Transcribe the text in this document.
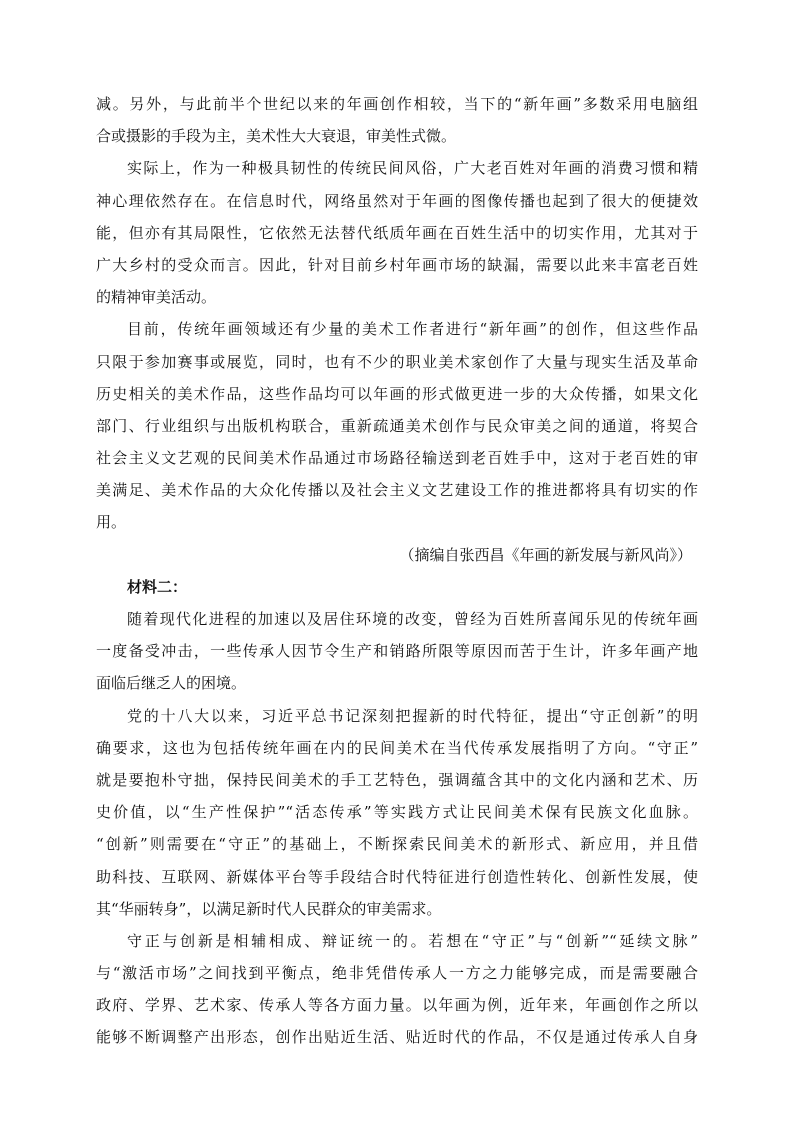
减。另外，与此前半个世纪以来的年画创作相较，当下的“新年画”多数采用电脑组
合或摄影的手段为主，美术性大大衰退，审美性式微。
实际上，作为一种极具韧性的传统民间风俗，广大老百姓对年画的消费习惯和精
神心理依然存在。在信息时代，网络虽然对于年画的图像传播也起到了很大的便捷效
能，但亦有其局限性，它依然无法替代纸质年画在百姓生活中的切实作用，尤其对于
广大乡村的受众而言。因此，针对目前乡村年画市场的缺漏，需要以此来丰富老百姓
的精神审美活动。
目前，传统年画领域还有少量的美术工作者进行“新年画”的创作，但这些作品
只限于参加赛事或展览，同时，也有不少的职业美术家创作了大量与现实生活及革命
历史相关的美术作品，这些作品均可以年画的形式做更进一步的大众传播，如果文化
部门、行业组织与出版机构联合，重新疏通美术创作与民众审美之间的通道，将契合
社会主义文艺观的民间美术作品通过市场路径输送到老百姓手中，这对于老百姓的审
美满足、美术作品的大众化传播以及社会主义文艺建设工作的推进都将具有切实的作
用。
（摘编自张西昌《年画的新发展与新风尚》）
材料二：
随着现代化进程的加速以及居住环境的改变，曾经为百姓所喜闻乐见的传统年画
一度备受冲击，一些传承人因节令生产和销路所限等原因而苦于生计，许多年画产地
面临后继乏人的困境。
党的十八大以来，习近平总书记深刻把握新的时代特征，提出“守正创新”的明
确要求，这也为包括传统年画在内的民间美术在当代传承发展指明了方向。“守正”
就是要抱朴守拙，保持民间美术的手工艺特色，强调蕴含其中的文化内涵和艺术、历
史价值，以“生产性保护”“活态传承”等实践方式让民间美术保有民族文化血脉。
“创新”则需要在“守正”的基础上，不断探索民间美术的新形式、新应用，并且借
助科技、互联网、新媒体平台等手段结合时代特征进行创造性转化、创新性发展，使
其“华丽转身”，以满足新时代人民群众的审美需求。
守正与创新是相辅相成、辩证统一的。若想在“守正”与“创新”“延续文脉”
与“激活市场”之间找到平衡点，绝非凭借传承人一方之力能够完成，而是需要融合
政府、学界、艺术家、传承人等各方面力量。以年画为例，近年来，年画创作之所以
能够不断调整产出形态，创作出贴近生活、贴近时代的作品，不仅是通过传承人自身
